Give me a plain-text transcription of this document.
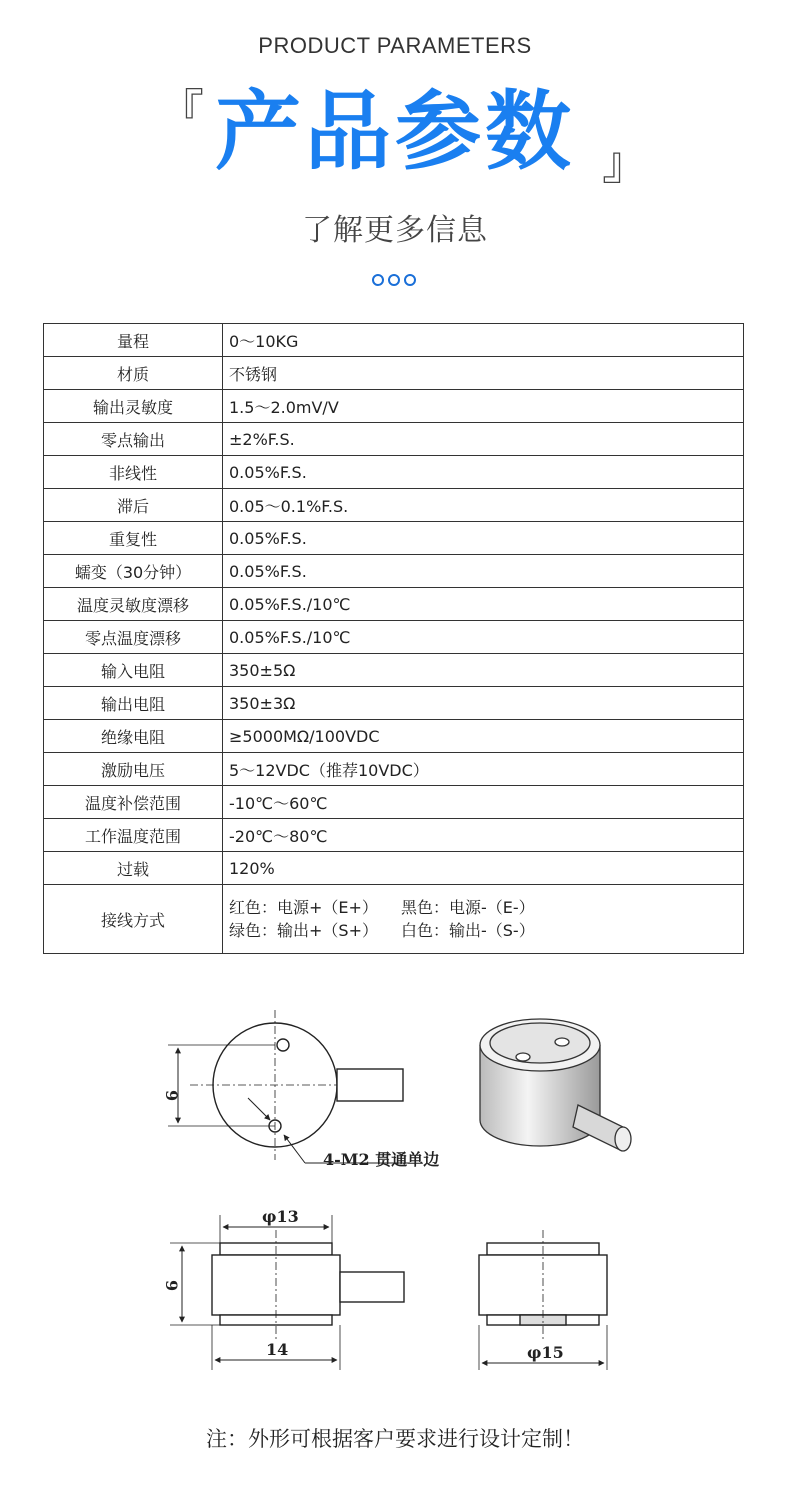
PRODUCT PARAMETERS
『 产品参数 』
了解更多信息
量程	0～10KG
材质	不锈钢
输出灵敏度	1.5～2.0mV/V
零点输出	±2%F.S.
非线性	0.05%F.S.
滞后	0.05～0.1%F.S.
重复性	0.05%F.S.
蠕变（30分钟）	0.05%F.S.
温度灵敏度漂移	0.05%F.S./10℃
零点温度漂移	0.05%F.S./10℃
输入电阻	350±5Ω
输出电阻	350±3Ω
绝缘电阻	≥5000MΩ/100VDC
激励电压	5～12VDC（推荐10VDC）
温度补偿范围	-10℃～60℃
工作温度范围	-20℃～80℃
过载	120%
接线方式	红色：电源+（E+） 黑色：电源-（E-）
绿色：输出+（S+） 白色：输出-（S-）
9
4-M2 贯通单边
φ13
9
14	φ15
注：外形可根据客户要求进行设计定制！
